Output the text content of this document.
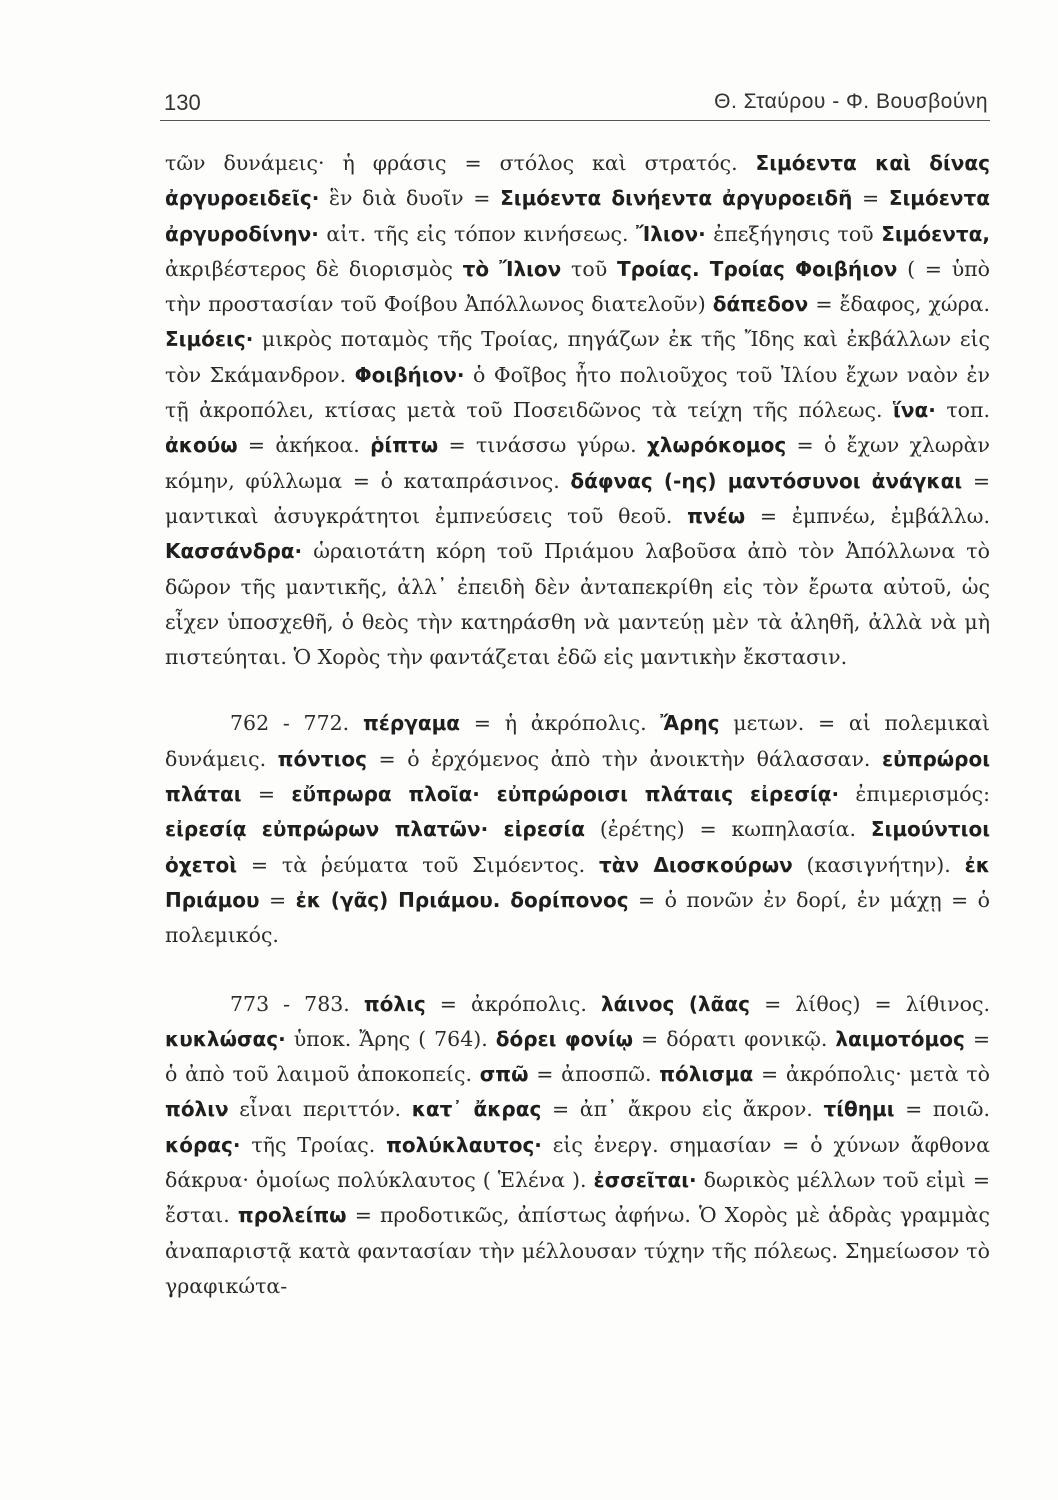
130	Θ. Σταύρου - Φ. Βουσβούνη

τῶν δυνάμεις· ἡ φράσις = στόλος καὶ στρατός. Σιμόεντα καὶ δίνας ἀργυροειδεῖς· ἓν διὰ δυοῖν = Σιμόεντα δινήεντα ἀργυροειδῆ = Σιμόεντα ἀργυροδίνην· αἰτ. τῆς εἰς τόπον κινήσεως. Ἴλιον· ἐπεξήγησις τοῦ Σιμόεντα, ἀκριβέστερος δὲ διορισμὸς τὸ Ἴλιον τοῦ Τροίας. Τροίας Φοιβήιον ( = ὑπὸ τὴν προστασίαν τοῦ Φοίβου Ἀπόλλωνος διατελοῦν) δάπεδον = ἔδαφος, χώρα. Σιμόεις· μικρὸς ποταμὸς τῆς Τροίας, πηγάζων ἐκ τῆς Ἴδης καὶ ἐκβάλλων εἰς τὸν Σκάμανδρον. Φοιβήιον· ὁ Φοῖβος ἦτο πολιοῦχος τοῦ Ἰλίου ἔχων ναὸν ἐν τῇ ἀκροπόλει, κτίσας μετὰ τοῦ Ποσειδῶνος τὰ τείχη τῆς πόλεως. ἵνα· τοπ. ἀκούω = ἀκήκοα. ῥίπτω = τινάσσω γύρω. χλωρόκομος = ὁ ἔχων χλωρὰν κόμην, φύλλωμα = ὁ καταπράσινος. δάφνας (-ης) μαντόσυνοι ἀνάγκαι = μαντικαὶ ἀσυγκράτητοι ἐμπνεύσεις τοῦ θεοῦ. πνέω = ἐμπνέω, ἐμβάλλω. Κασσάνδρα· ὡραιοτάτη κόρη τοῦ Πριάμου λαβοῦσα ἀπὸ τὸν Ἀπόλλωνα τὸ δῶρον τῆς μαντικῆς, ἀλλ᾽ ἐπειδὴ δὲν ἀνταπεκρίθη εἰς τὸν ἔρωτα αὐτοῦ, ὡς εἶχεν ὑποσχεθῆ, ὁ θεὸς τὴν κατηράσθη νὰ μαντεύῃ μὲν τὰ ἀληθῆ, ἀλλὰ νὰ μὴ πιστεύηται. Ὁ Χορὸς τὴν φαντάζεται ἐδῶ εἰς μαντικὴν ἔκστασιν.

762 - 772. πέργαμα = ἡ ἀκρόπολις. Ἄρης μετων. = αἱ πολεμικαὶ δυνάμεις. πόντιος = ὁ ἐρχόμενος ἀπὸ τὴν ἀνοικτὴν θάλασσαν. εὐπρώροι πλάται = εὔπρωρα πλοῖα· εὐπρώροισι πλάταις εἰρεσίᾳ· ἐπιμερισμός: εἰρεσίᾳ εὐπρώρων πλατῶν· εἰρεσία (ἐρέτης) = κωπηλασία. Σιμούντιοι ὀχετοὶ = τὰ ῥεύματα τοῦ Σιμόεντος. τὰν Διοσκούρων (κασιγνήτην). ἐκ Πριάμου = ἐκ (γᾶς) Πριάμου. δορίπονος = ὁ πονῶν ἐν δορί, ἐν μάχῃ = ὁ πολεμικός.

773 - 783. πόλις = ἀκρόπολις. λάινος (λᾶας = λίθος) = λίθινος. κυκλώσας· ὑποκ. Ἄρης ( 764). δόρει φονίῳ = δόρατι φονικῷ. λαιμοτόμος = ὁ ἀπὸ τοῦ λαιμοῦ ἀποκοπείς. σπῶ = ἀποσπῶ. πόλισμα = ἀκρόπολις· μετὰ τὸ πόλιν εἶναι περιττόν. κατ᾽ ἄκρας = ἀπ᾽ ἄκρου εἰς ἄκρον. τίθημι = ποιῶ. κόρας· τῆς Τροίας. πολύκλαυτος· εἰς ἐνεργ. σημασίαν = ὁ χύνων ἄφθονα δάκρυα· ὁμοίως πολύκλαυτος ( Ἑλένα ). ἐσσεῖται· δωρικὸς μέλλων τοῦ εἰμὶ = ἔσται. προλείπω = προδοτικῶς, ἀπίστως ἀφήνω. Ὁ Χορὸς μὲ ἁδρὰς γραμμὰς ἀναπαριστᾷ κατὰ φαντασίαν τὴν μέλλουσαν τύχην τῆς πόλεως. Σημείωσον τὸ γραφικώτα-
